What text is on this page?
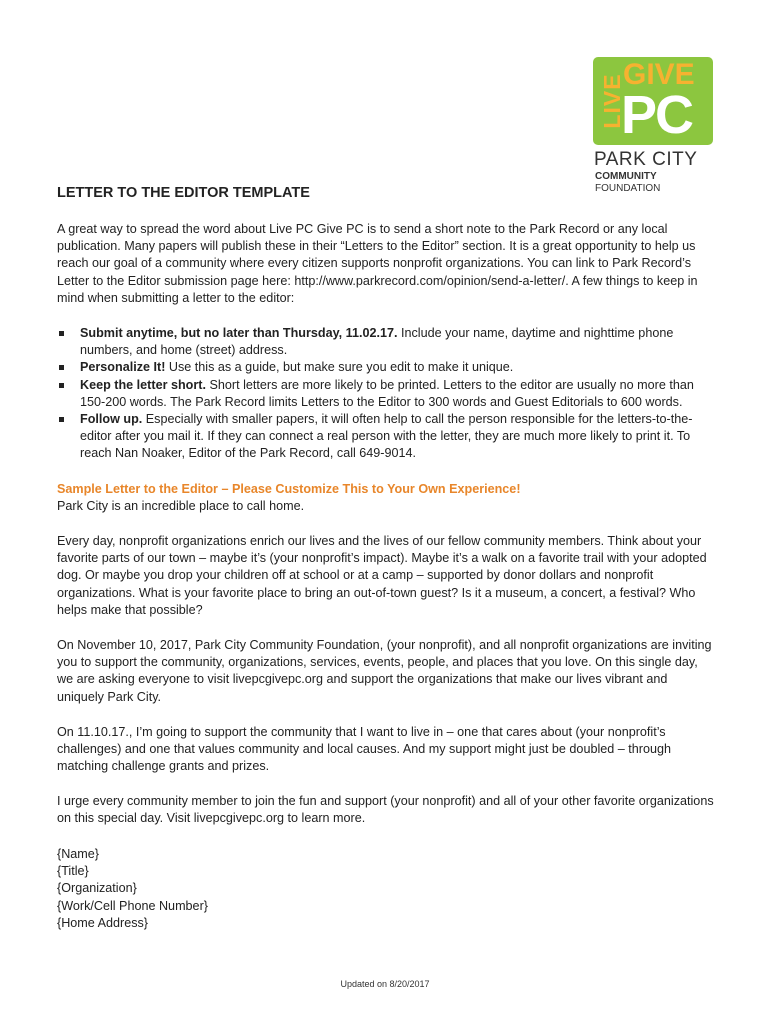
LIVE
GIVE
PC
PARK CITY
COMMUNITY FOUNDATION
LETTER TO THE EDITOR TEMPLATE

A great way to spread the word about Live PC Give PC is to send a short note to the Park Record or any local publication. Many papers will publish these in their “Letters to the Editor” section. It is a great opportunity to help us reach our goal of a community where every citizen supports nonprofit organizations. You can link to Park Record’s Letter to the Editor submission page here: http://www.parkrecord.com/opinion/send-a-letter/. A few things to keep in mind when submitting a letter to the editor:

Submit anytime, but no later than Thursday, 11.02.17. Include your name, daytime and nighttime phone numbers, and home (street) address.
Personalize It! Use this as a guide, but make sure you edit to make it unique.
Keep the letter short. Short letters are more likely to be printed. Letters to the editor are usually no more than 150-200 words. The Park Record limits Letters to the Editor to 300 words and Guest Editorials to 600 words.
Follow up. Especially with smaller papers, it will often help to call the person responsible for the letters-to-the-editor after you mail it. If they can connect a real person with the letter, they are much more likely to print it. To reach Nan Noaker, Editor of the Park Record, call 649-9014.
Sample Letter to the Editor – Please Customize This to Your Own Experience!
Park City is an incredible place to call home.

Every day, nonprofit organizations enrich our lives and the lives of our fellow community members. Think about your favorite parts of our town – maybe it’s (your nonprofit’s impact). Maybe it’s a walk on a favorite trail with your adopted dog. Or maybe you drop your children off at school or at a camp – supported by donor dollars and nonprofit organizations. What is your favorite place to bring an out-of-town guest? Is it a museum, a concert, a festival? Who helps make that possible?

On November 10, 2017, Park City Community Foundation, (your nonprofit), and all nonprofit organizations are inviting you to support the community, organizations, services, events, people, and places that you love. On this single day, we are asking everyone to visit livepcgivepc.org and support the organizations that make our lives vibrant and uniquely Park City.

On 11.10.17., I’m going to support the community that I want to live in – one that cares about (your nonprofit’s challenges) and one that values community and local causes. And my support might just be doubled – through matching challenge grants and prizes.

I urge every community member to join the fun and support (your nonprofit) and all of your other favorite organizations on this special day. Visit livepcgivepc.org to learn more.

{Name}
{Title}
{Organization}
{Work/Cell Phone Number}
{Home Address}
Updated on 8/20/2017
